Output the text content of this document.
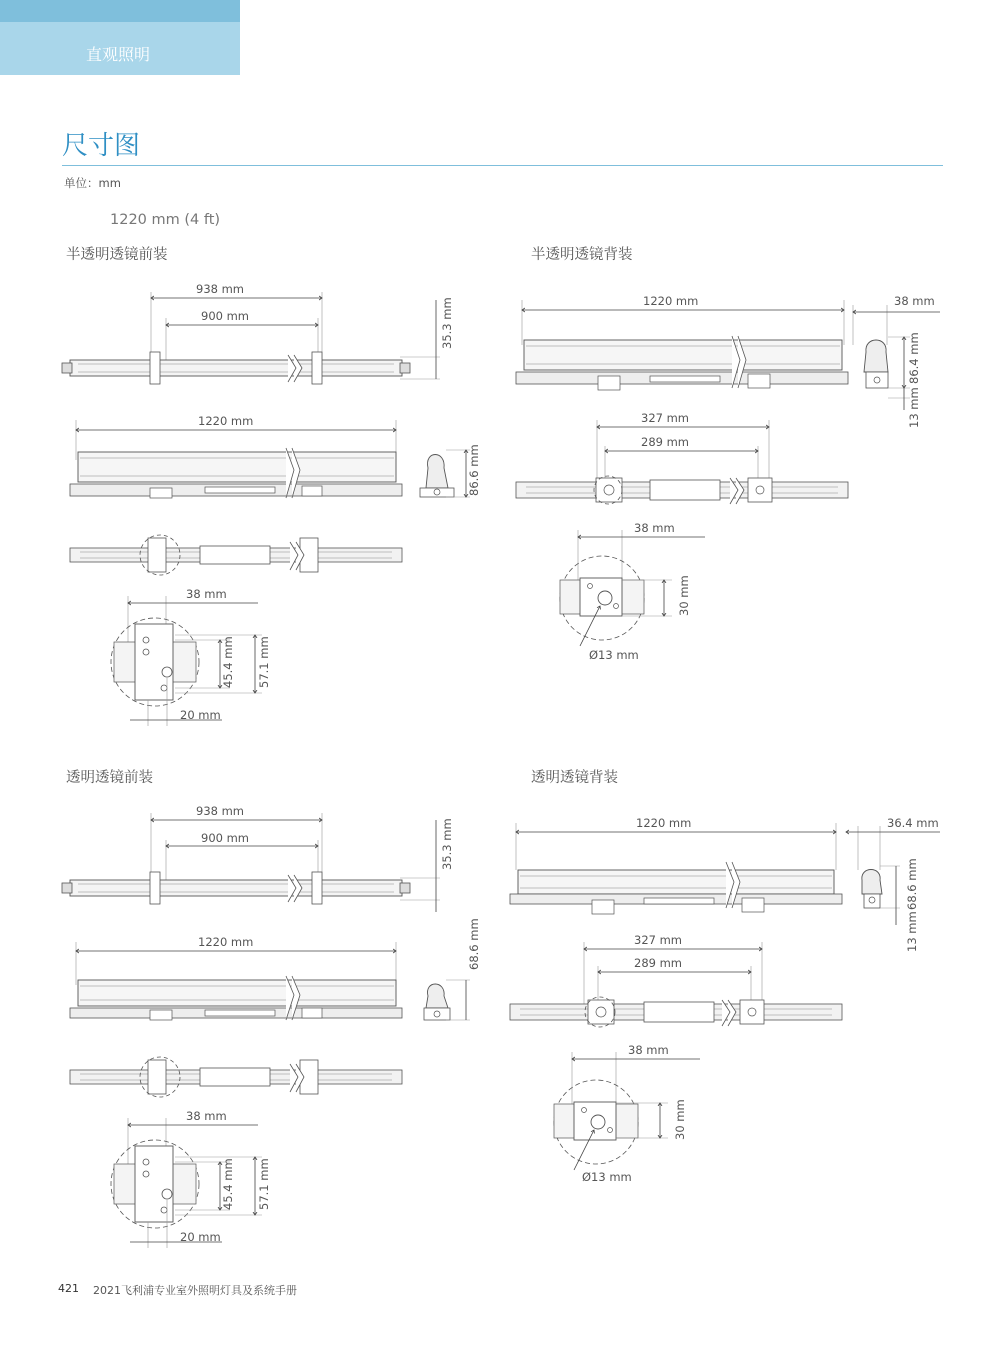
直观照明
尺寸图
单位：mm
1220 mm (4 ft)
半透明透镜前装	半透明透镜背装
透明透镜前装	透明透镜背装
938 mm
900 mm	35.3 mm
1220 mm
86.6 mm
38 mm
45.4 mm 57.1 mm
20 mm
1220 mm	38 mm
86.4 mm
13 mm
327 mm
289 mm
38 mm
30 mm
Ø13 mm
938 mm
900 mm	35.3 mm
1220 mm	68.6 mm
38 mm
45.4 mm 57.1 mm
20 mm
1220 mm	36.4 mm
68.6 mm
13 mm
327 mm
289 mm
38 mm
30 mm
Ø13 mm
421 2021飞利浦专业室外照明灯具及系统手册
